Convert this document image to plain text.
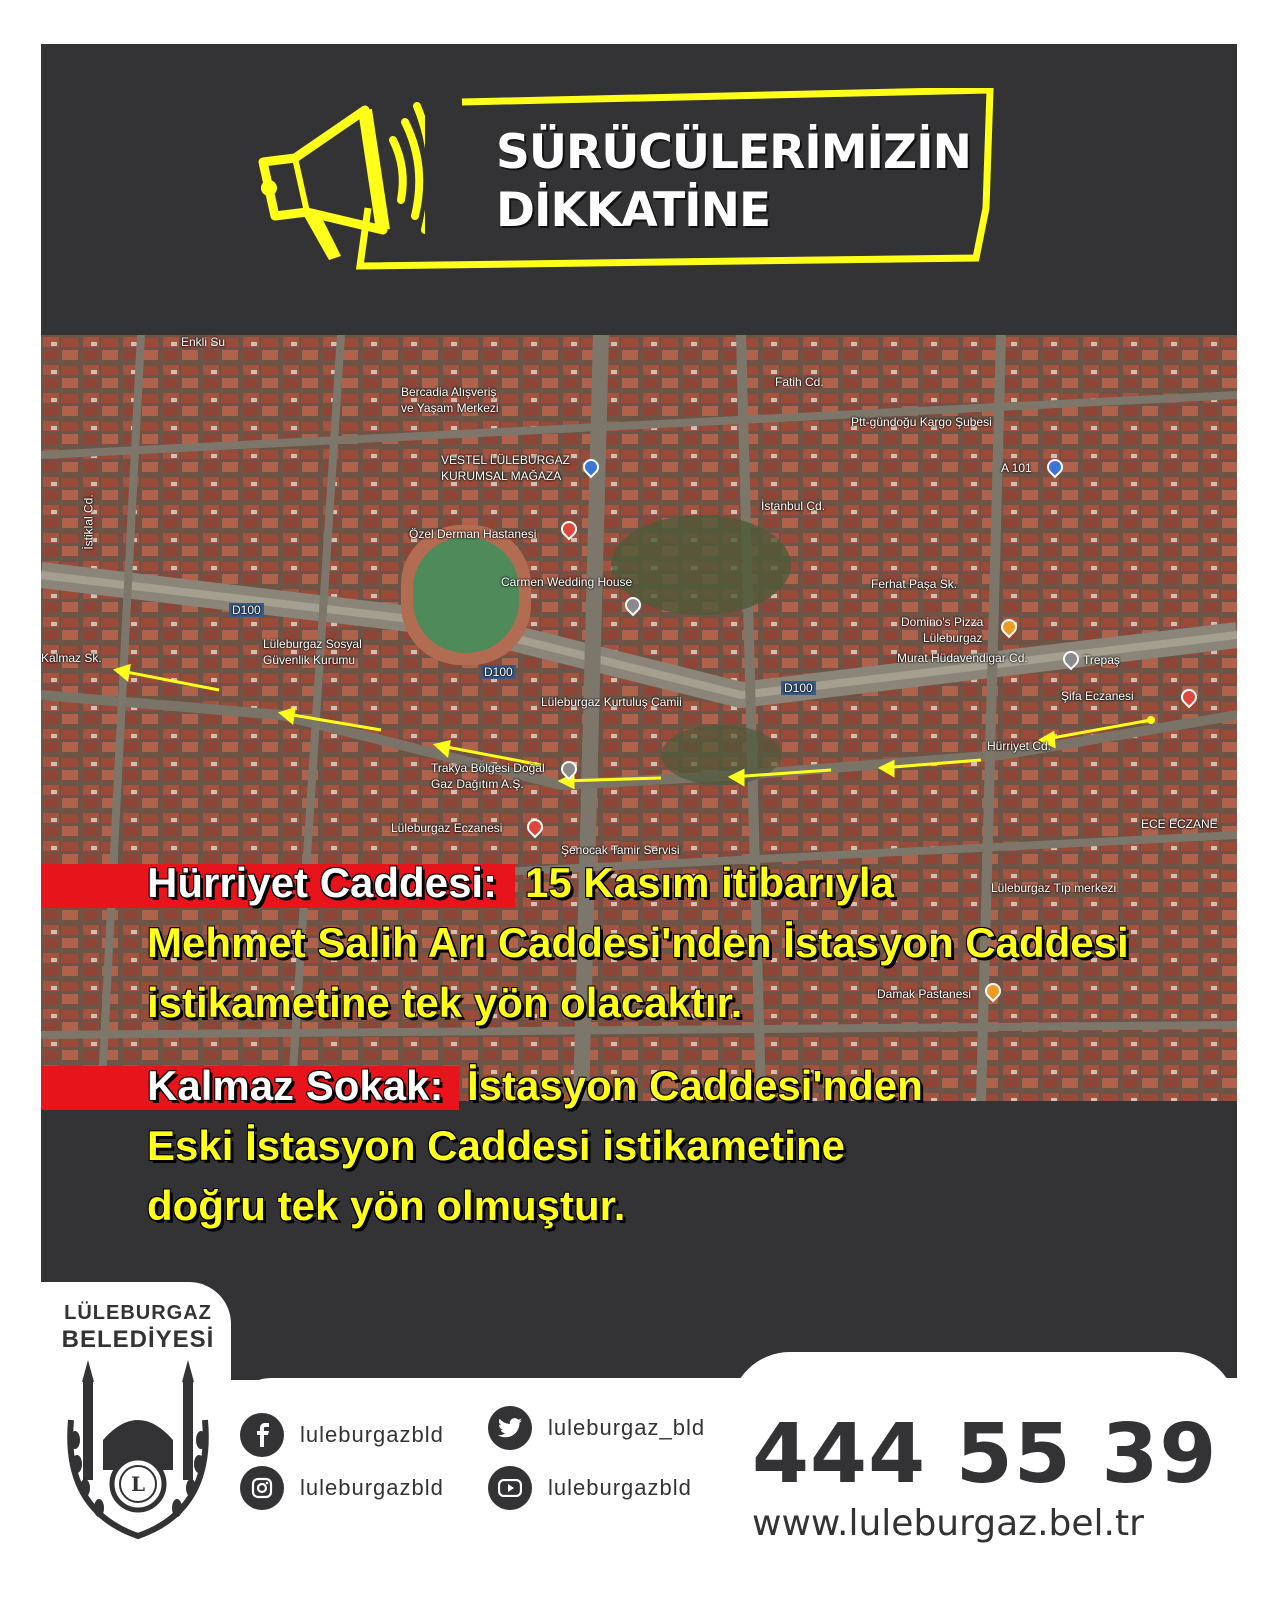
SÜRÜCÜLERİMİZİN
DİKKATİNE
Enkli Su
Bercadia Alışveriş
ve Yaşam Merkezi
VESTEL LÜLEBURGAZ
KURUMSAL MAĞAZA
Özel Derman Hastanesi
Carmen Wedding House
Lüleburgaz Sosyal
Güvenlik Kurumu
Lüleburgaz Kurtuluş Camii
Trakya Bölgesi Doğal
Gaz Dağıtım A.Ş.
Lüleburgaz Eczanesi
Şenocak Tamir Servisi
Fatih Cd.
Ptt-gündoğu Kargo Şubesi
A 101
İstanbul Cd.
Ferhat Paşa Sk.
Domino's Pizza
Lüleburgaz
Murat Hüdavendigar Cd.	Trepaş
Şifa Eczanesi
Hürriyet Cd.
ECE ECZANE
Lüleburgaz Tıp merkezi
Damak Pastanesi
Kalmaz Sk.
D100
D100
D100
İstiklal Cd.
Hürriyet Caddesi: 15 Kasım itibarıyla
Mehmet Salih Arı Caddesi'nden İstasyon Caddesi
istikametine tek yön olacaktır.
Kalmaz Sokak: İstasyon Caddesi'nden
Eski İstasyon Caddesi istikametine
doğru tek yön olmuştur.
LÜLEBURGAZ
BELEDİYESİ
L
luleburgazbld	luleburgaz_bld
luleburgazbld	luleburgazbld 444 55 39
www.luleburgaz.bel.tr
